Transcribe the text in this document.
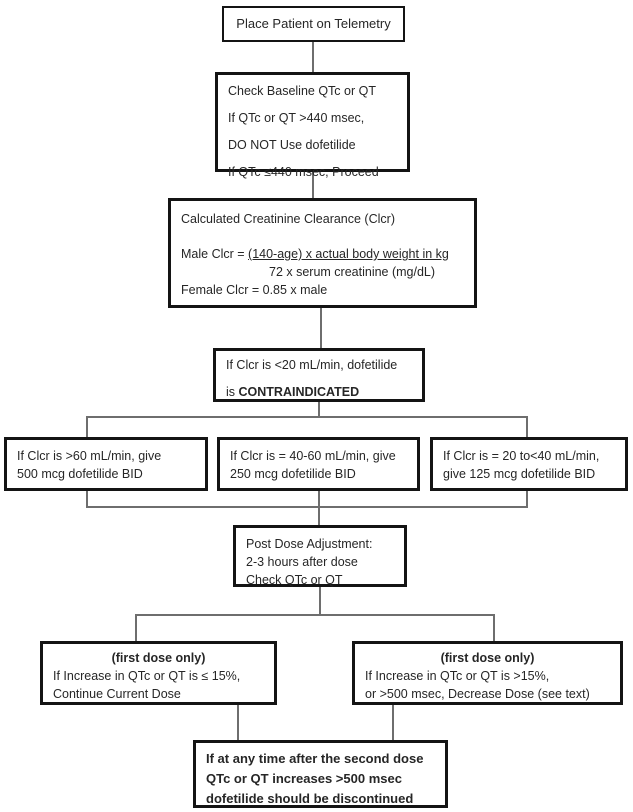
Place Patient on Telemetry
Check Baseline QTc or QT
If QTc or QT >440 msec,
DO NOT Use dofetilide
If QTc ≤440 msec, Proceed
Calculated Creatinine Clearance (Clcr)
Male Clcr = (140-age) x actual body weight in kg
72 x serum creatinine (mg/dL)
Female Clcr = 0.85 x male
If Clcr is <20 mL/min, dofetilide
is CONTRAINDICATED
If Clcr is >60 mL/min, give
500 mcg dofetilide BID
If Clcr is = 40-60 mL/min, give
250 mcg dofetilide BID
If Clcr is = 20 to<40 mL/min,
give 125 mcg dofetilide BID
Post Dose Adjustment:
2-3 hours after dose
Check QTc or QT
(first dose only)
If Increase in QTc or QT is ≤ 15%,
Continue Current Dose
(first dose only)
If Increase in QTc or QT is >15%,
or >500 msec, Decrease Dose (see text)
If at any time after the second dose
QTc or QT increases >500 msec
dofetilide should be discontinued
